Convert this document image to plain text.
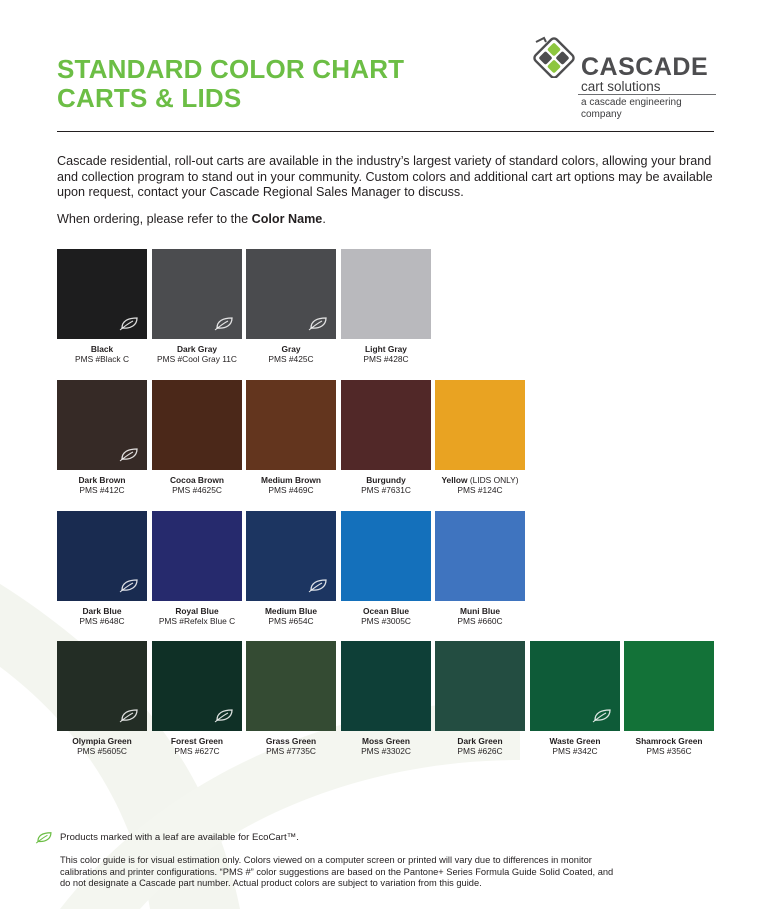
STANDARD COLOR CHART
CARTS & LIDS
CASCADE
cart solutions
a cascade engineering company

Cascade residential, roll-out carts are available in the industry’s largest variety of standard colors, allowing your brand and collection program to stand out in your community. Custom colors and additional cart art options may be available upon request, contact your Cascade Regional Sales Manager to discuss.

When ordering, please refer to the Color Name.

Black
PMS #Black C
Dark Gray
PMS #Cool Gray 11C
Gray
PMS #425C
Light Gray
PMS #428C
Dark Brown
PMS #412C
Cocoa Brown
PMS #4625C
Medium Brown
PMS #469C
Burgundy
PMS #7631C
Yellow (LIDS ONLY)
PMS #124C
Dark Blue
PMS #648C
Royal Blue
PMS #Refelx Blue C
Medium Blue
PMS #654C
Ocean Blue
PMS #3005C
Muni Blue
PMS #660C
Olympia Green
PMS #5605C
Forest Green
PMS #627C
Grass Green
PMS #7735C
Moss Green
PMS #3302C
Dark Green
PMS #626C
Waste Green
PMS #342C
Shamrock Green
PMS #356C

Products marked with a leaf are available for EcoCart™.

This color guide is for visual estimation only. Colors viewed on a computer screen or printed will vary due to differences in monitor calibrations and printer configurations. “PMS #” color suggestions are based on the Pantone+ Series Formula Guide Solid Coated, and do not designate a Cascade part number. Actual product colors are subject to variation from this guide.
